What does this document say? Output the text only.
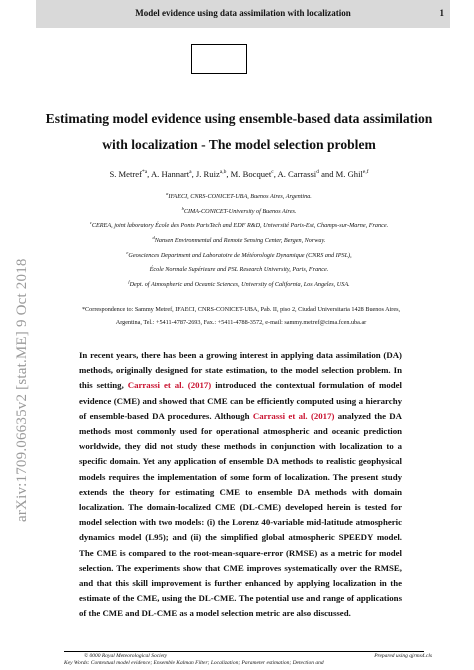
Model evidence using data assimilation with localization	1
arXiv:1709.06635v2 [stat.ME] 9 Oct 2018
Estimating model evidence using ensemble-based data assimilation
with localization - The model selection problem
S. Metref$^{*a}$, A. Hannart$^a$, J. Ruiz$^{a,b}$, M. Bocquet$^c$, A. Carrassi$^d$ and M. Ghil$^{e,f}$
$^a$IFAECI, CNRS-CONICET-UBA, Buenos Aires, Argentina.
$^b$CIMA-CONICET-University of Buenos Aires.
$^c$CEREA, joint laboratory École des Ponts ParisTech and EDF R&D, Université Paris-Est, Champs-sur-Marne, France.
$^d$Nansen Environmental and Remote Sensing Center, Bergen, Norway.
$^e$Geosciences Department and Laboratoire de Météorologie Dynamique (CNRS and IPSL),
École Normale Supérieure and PSL Research University, Paris, France.
$^f$Dept. of Atmospheric and Oceanic Sciences, University of California, Los Angeles, USA.
*Correspondence to: Sammy Metref, IFAECI, CNRS-CONICET-UBA, Pab. II, piso 2, Ciudad Universitaria 1428 Buenos Aires,
Argentina, Tel.: +5411-4787-2693, Fax.: +5411-4788-3572, e-mail: sammy.metref@cima.fcen.uba.ar
In recent years, there has been a growing interest in applying data assimilation (DA) methods, originally designed for state estimation, to the model selection problem. In this setting, Carrassi et al. (2017) introduced the contextual formulation of model evidence (CME) and showed that CME can be efficiently computed using a hierarchy of ensemble-based DA procedures. Although Carrassi et al. (2017) analyzed the DA methods most commonly used for operational atmospheric and oceanic prediction worldwide, they did not study these methods in conjunction with localization to a specific domain. Yet any application of ensemble DA methods to realistic geophysical models requires the implementation of some form of localization. The present study extends the theory for estimating CME to ensemble DA methods with domain localization. The domain-localized CME (DL-CME) developed herein is tested for model selection with two models: (i) the Lorenz 40-variable mid-latitude atmospheric dynamics model (L95); and (ii) the simplified global atmospheric SPEEDY model. The CME is compared to the root-mean-square-error (RMSE) as a metric for model selection. The experiments show that CME improves systematically over the RMSE, and that this skill improvement is further enhanced by applying localization in the estimate of the CME, using the DL-CME. The potential use and range of applications of the CME and DL-CME as a model selection metric are also discussed.
© 0000 Royal Meteorological Society	Prepared using qjrms4.cls
Key Words: Contextual model evidence; Ensemble Kalman Filter; Localization; Parameter estimation; Detection and
